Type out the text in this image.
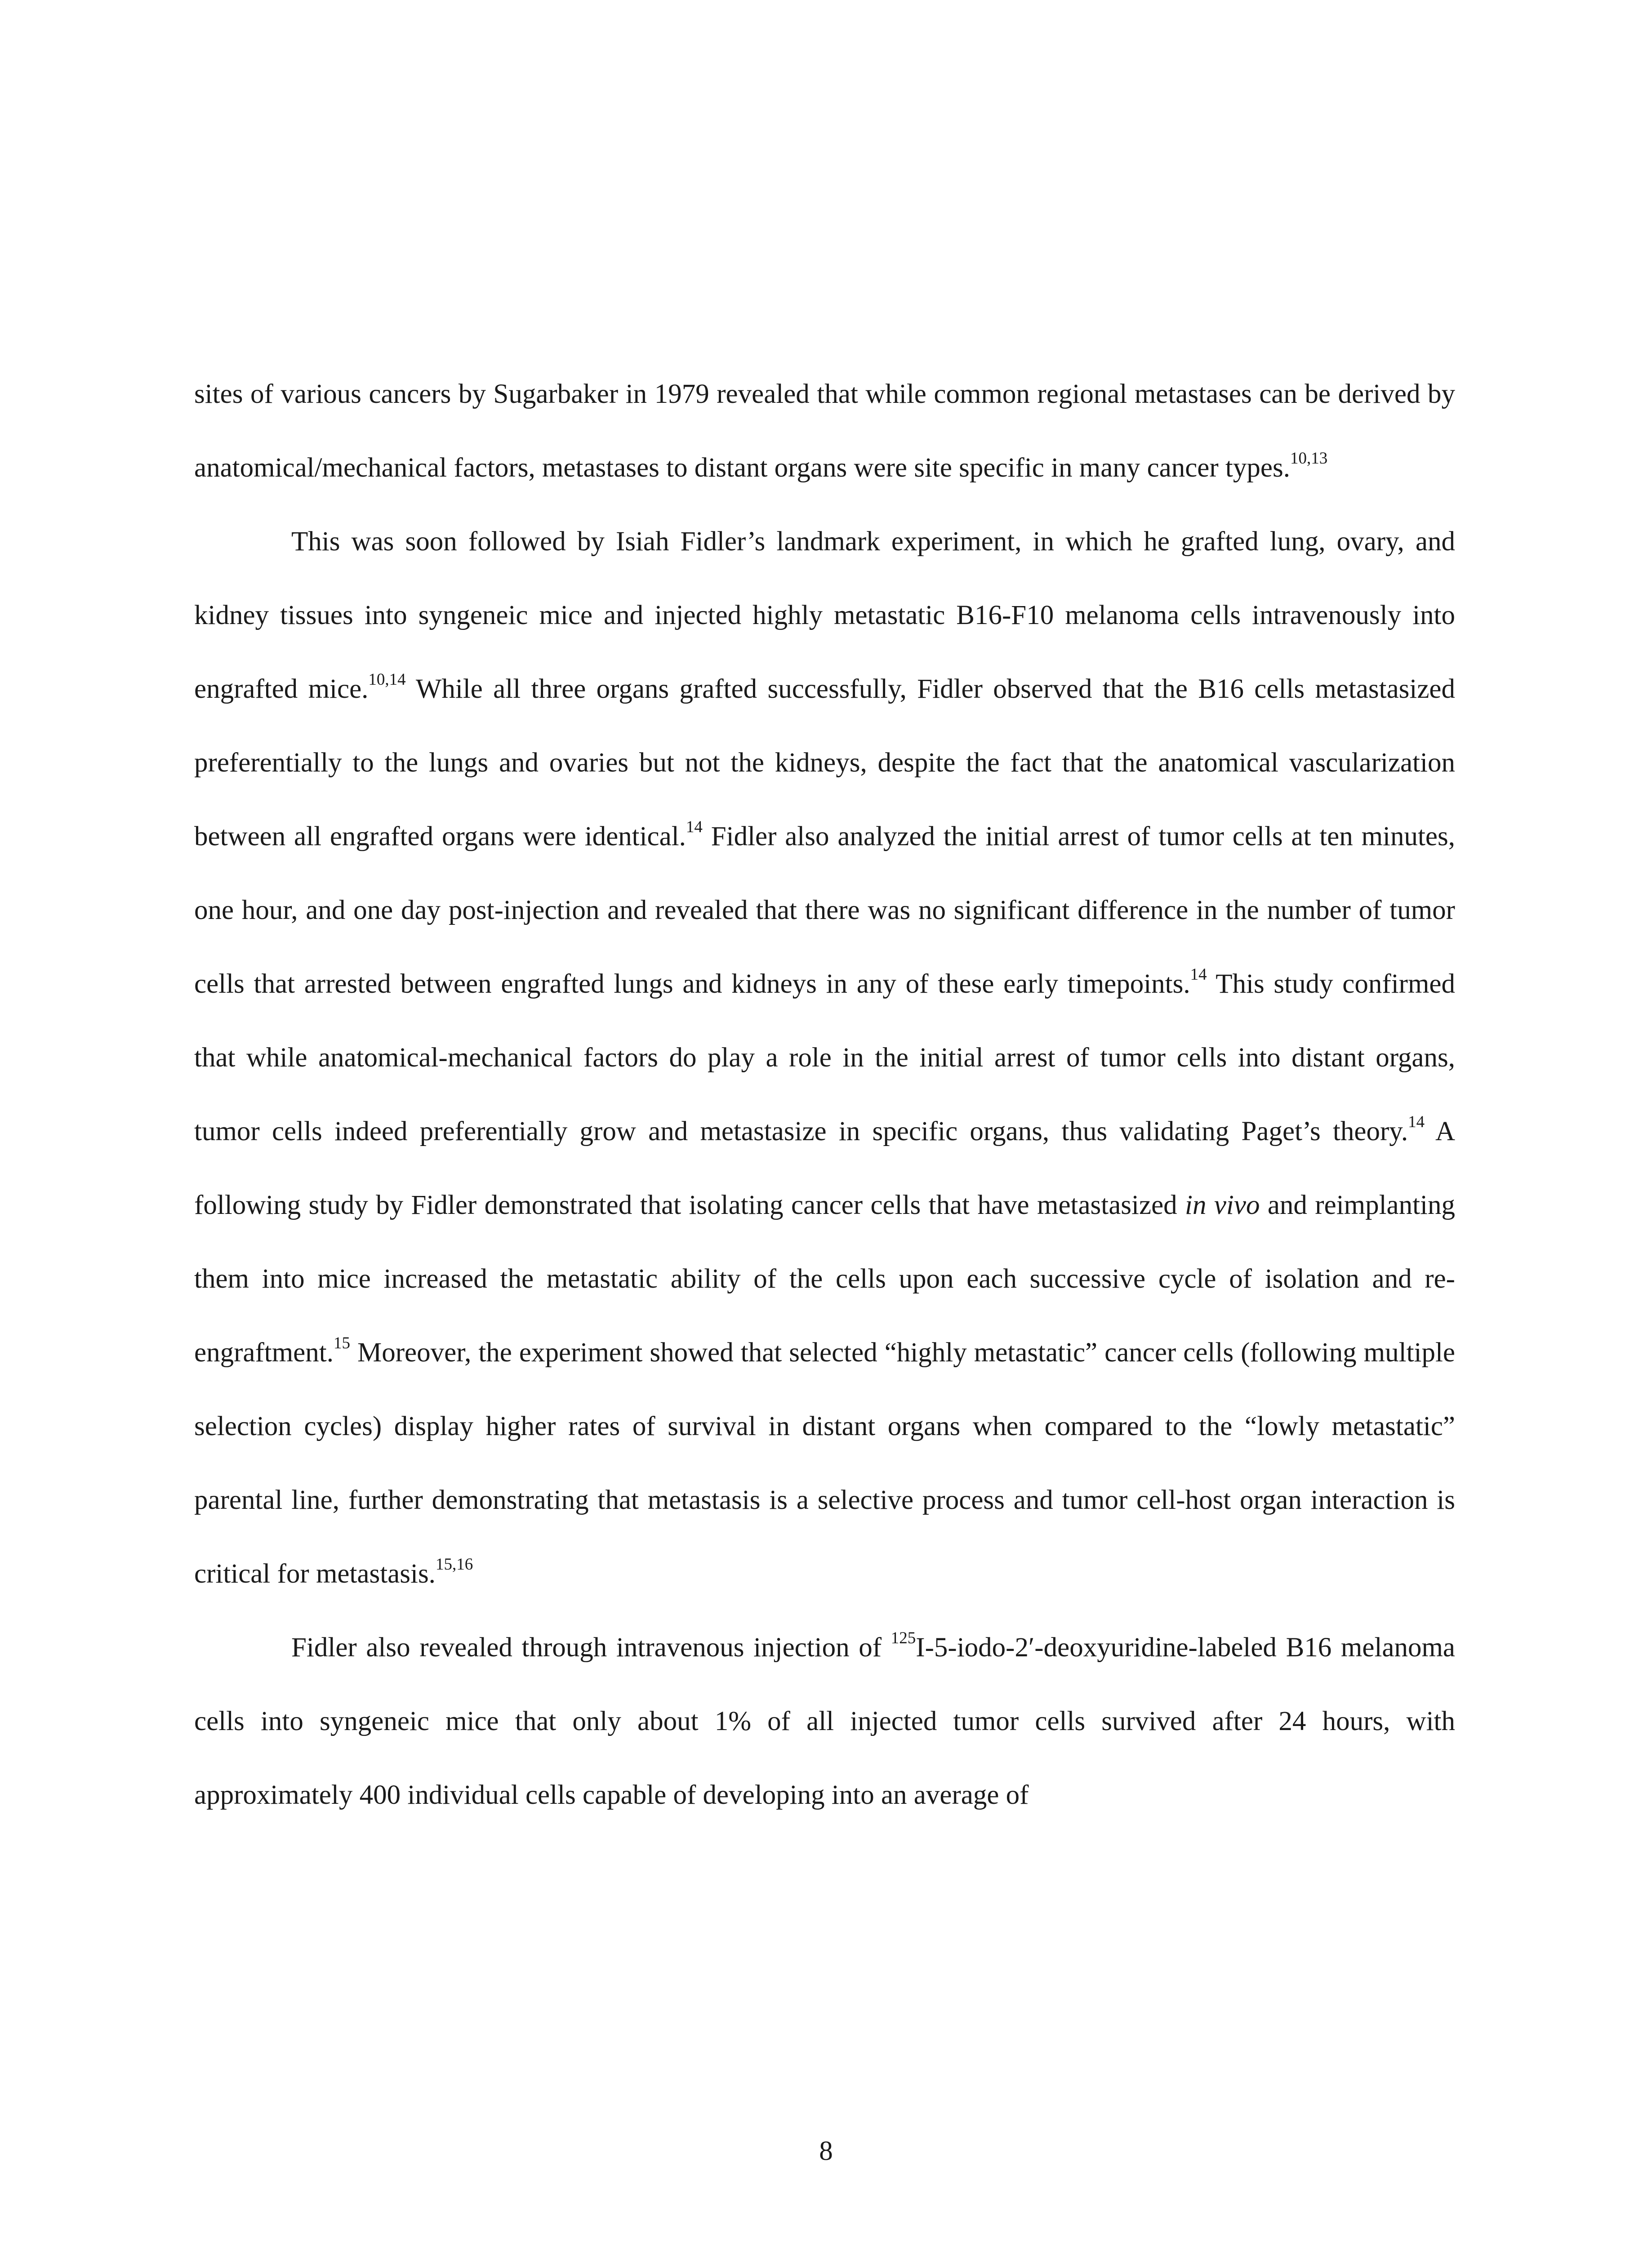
sites of various cancers by Sugarbaker in 1979 revealed that while common regional metastases can be derived by anatomical/mechanical factors, metastases to distant organs were site specific in many cancer types.$^{10,13}$

This was soon followed by Isiah Fidler’s landmark experiment, in which he grafted lung, ovary, and kidney tissues into syngeneic mice and injected highly metastatic B16-F10 melanoma cells intravenously into engrafted mice.$^{10,14}$ While all three organs grafted successfully, Fidler observed that the B16 cells metastasized preferentially to the lungs and ovaries but not the kidneys, despite the fact that the anatomical vascularization between all engrafted organs were identical.$^{14}$ Fidler also analyzed the initial arrest of tumor cells at ten minutes, one hour, and one day post-injection and revealed that there was no significant difference in the number of tumor cells that arrested between engrafted lungs and kidneys in any of these early timepoints.$^{14}$ This study confirmed that while anatomical-mechanical factors do play a role in the initial arrest of tumor cells into distant organs, tumor cells indeed preferentially grow and metastasize in specific organs, thus validating Paget’s theory.$^{14}$ A following study by Fidler demonstrated that isolating cancer cells that have metastasized in vivo and reimplanting them into mice increased the metastatic ability of the cells upon each successive cycle of isolation and re-engraftment.$^{15}$ Moreover, the experiment showed that selected “highly metastatic” cancer cells (following multiple selection cycles) display higher rates of survival in distant organs when compared to the “lowly metastatic” parental line, further demonstrating that metastasis is a selective process and tumor cell-host organ interaction is critical for metastasis.$^{15,16}$

Fidler also revealed through intravenous injection of $^{125}$I-5-iodo-2′-deoxyuridine-labeled B16 melanoma cells into syngeneic mice that only about 1% of all injected tumor cells survived after 24 hours, with approximately 400 individual cells capable of developing into an average of

8
